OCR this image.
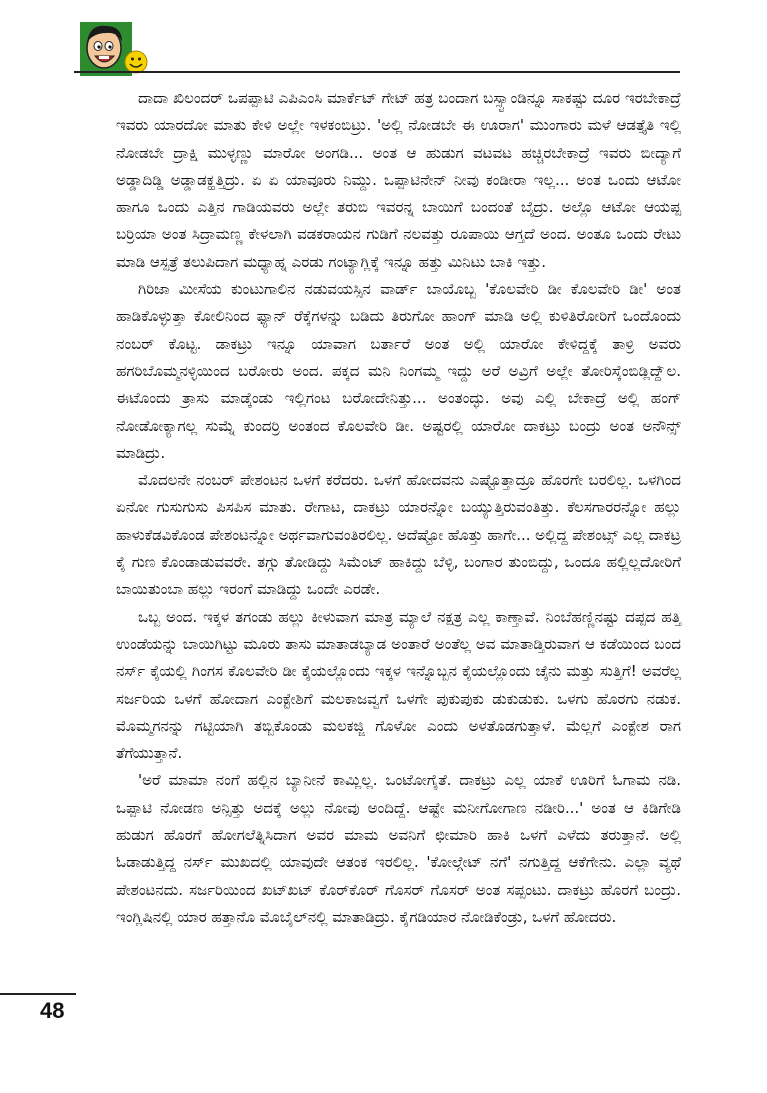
ದಾದಾ ಖಿಲಂದರ್ ಒಪಪ್ಪಾಟಿ ಎಪಿಎಂಸಿ ಮಾರ್ಕೆಟ್ ಗೇಟ್ ಹತ್ರ ಬಂದಾಗ ಬಸ್ಸ್ಟಾಂಡಿನ್ನೂ ಸಾಕಷ್ಟು ದೂರ ಇರಬೇಕಾದ್ರೆ ಇವರು ಯಾರದೋ ಮಾತು ಕೇಳಿ ಅಲ್ಲೇ ಇಳಕಂಬಿಟ್ರು. 'ಅಲ್ಲಿ ನೋಡಬೇ ಈ ಊರಾಗ' ಮುಂಗಾರು ಮಳೆ ಆಡತ್ತೈತಿ ಇಲ್ಲಿ ನೋಡಬೇ ದ್ರಾಕ್ಷಿ ಮುಳ್ಳಣ್ಣು ಮಾರೋ ಅಂಗಡಿ... ಅಂತ ಆ ಹುಡುಗ ವಟವಟ ಹಚ್ಚಿರಬೇಕಾದ್ರೆ ಇವರು ಬೀದ್ಯಾಗೆ ಅಡ್ಡಾದಿಡ್ಡಿ ಅಡ್ಡಾಡಕ್ಹತ್ತಿದ್ರು. ಏ ಏ ಯಾವೂರು ನಿಮ್ದು. ಒಪ್ಪಾಟಿನೇನ್ ನೀವು ಕಂಡೀರಾ ಇಲ್ಲ... ಅಂತ ಒಂದು ಆಟೋ ಹಾಗೂ ಒಂದು ಎತ್ತಿನ ಗಾಡಿಯವರು ಅಲ್ಲೇ ತರುಬಿ ಇವರನ್ನ ಬಾಯಿಗೆ ಬಂದಂತೆ ಬೈದ್ರು. ಅಲ್ಲೊ ಆಟೋ ಆಯಪ್ಪ ಬರ್ರಿಯಾ ಅಂತ ಸಿದ್ರಾಮಣ್ಣ ಕೇಳಲಾಗಿ ವಡಕರಾಯನ ಗುಡಿಗೆ ನಲವತ್ತು ರೂಪಾಯಿ ಆಗ್ತದೆ ಅಂದ. ಅಂತೂ ಒಂದು ರೇಟು ಮಾಡಿ ಆಸ್ಪತ್ರೆ ತಲುಪಿದಾಗ ಮಧ್ಯಾಹ್ನ ಎರಡು ಗಂಟ್ಯಾಗ್ಲಿಕ್ಕೆ ಇನ್ನೂ ಹತ್ತು ಮಿನಿಟು ಬಾಕಿ ಇತ್ತು.

ಗಿರಿಜಾ ಮೀಸೆಯ ಕುಂಟುಗಾಲಿನ ನಡುವಯಸ್ಸಿನ ವಾರ್ಡ್ ಬಾಯೊಬ್ಬ 'ಕೊಲವೇರಿ ಡೀ ಕೊಲವೇರಿ ಡೀ' ಅಂತ ಹಾಡಿಕೊಳ್ಳುತ್ತಾ ಕೋಲಿನಿಂದ ಫ್ಯಾನ್ ರೆಕ್ಕೆಗಳನ್ನು ಬಡಿದು ತಿರುಗೋ ಹಾಂಗ್ ಮಾಡಿ ಅಲ್ಲಿ ಕುಳಿತಿರೋರಿಗೆ ಒಂದೊಂದು ನಂಬರ್ ಕೊಟ್ಟ. ಡಾಕಟ್ರು ಇನ್ನೂ ಯಾವಾಗ ಬರ್ತಾರೆ ಅಂತ ಅಲ್ಲಿ ಯಾರೋ ಕೇಳಿದ್ದಕ್ಕೆ ತಾಳ್ರಿ ಅವರು ಹಗರಿಬೊಮ್ಮನಳ್ಳಿಯಿಂದ ಬರೋರು ಅಂದ. ಪಕ್ಕದ ಮನಿ ನಿಂಗಮ್ಮ ಇದ್ದು ಅರೆ ಅವ್ರಿಗೆ ಅಲ್ಲೇ ತೋರಿಸ್ಕೆಂಬಿಡ್ಲಿದ್ದೆ್ಲ. ಈಟೊಂದು ತ್ರಾಸು ಮಾಡ್ಕೆಂಡು ಇಲ್ಲಿಗಂಟ ಬರೋದೇನಿತ್ತು... ಅಂತಂದ್ಳು. ಅವು ಎಲ್ಲಿ ಬೇಕಾದ್ರೆ ಅಲ್ಲಿ ಹಂಗ್ ನೋಡೋಕ್ಯಾಗಲ್ಲ ಸುಮ್ನೆ ಕುಂದರ್ರಿ ಅಂತಂದ ಕೊಲವೇರಿ ಡೀ. ಅಷ್ಟರಲ್ಲಿ ಯಾರೋ ದಾಕಟ್ರು ಬಂದ್ರು ಅಂತ ಅನೌನ್ಸ್ ಮಾಡಿದ್ರು.

ಮೊದಲನೇ ನಂಬರ್ ಪೇಶಂಟನ ಒಳಗೆ ಕರೆದರು. ಒಳಗೆ ಹೋದವನು ಎಷ್ಟೊತ್ತಾದ್ರೂ ಹೊರಗೇ ಬರಲಿಲ್ಲ. ಒಳಗಿಂದ ಏನೋ ಗುಸುಗುಸು ಪಿಸಪಿಸ ಮಾತು. ರೇಗಾಟ, ದಾಕಟ್ರು ಯಾರನ್ನೋ ಬಯ್ಯುತ್ತಿರುವಂತಿತ್ತು. ಕೆಲಸಗಾರರನ್ನೋ ಹಲ್ಲು ಹಾಳುಕೆಡವಿಕೊಂಡ ಪೇಶಂಟನ್ನೋ ಅರ್ಥವಾಗುವಂತಿರಲಿಲ್ಲ. ಅದೆಷ್ಟೋ ಹೊತ್ತು ಹಾಗೇ... ಅಲ್ಲಿದ್ದ ಪೇಶಂಟ್ಸ್ ಎಲ್ಲ ದಾಕಟ್ರ ಕೈ ಗುಣ ಕೊಂಡಾಡುವವರೇ. ತಗ್ಗು ತೋಡಿದ್ದು ಸಿಮೆಂಟ್ ಹಾಕಿದ್ದು ಬೆಳ್ಳಿ, ಬಂಗಾರ ತುಂಬಿದ್ದು, ಒಂದೂ ಹಲ್ಲಿಲ್ಲದೋರಿಗೆ ಬಾಯಿತುಂಬಾ ಹಲ್ಲು ಇರಂಗೆ ಮಾಡಿದ್ದು ಒಂದೇ ಎರಡೇ.

ಒಬ್ಬ ಅಂದ. ಇಕ್ಕಳ ತಗಂಡು ಹಲ್ಲು ಕೀಳುವಾಗ ಮಾತ್ರ ಮ್ಯಾಲೆ ನಕ್ಷತ್ರ ಎಲ್ಲ ಕಾಣ್ತಾವೆ. ನಿಂಬೆಹಣ್ಣಿನಷ್ಟು ದಪ್ಪದ ಹತ್ತಿ ಉಂಡೆಯನ್ನು ಬಾಯಿಗಿಟ್ಟು ಮೂರು ತಾಸು ಮಾತಾಡಬ್ಯಾಡ ಅಂತಾರೆ ಅಂತೆಲ್ಲ ಅವ ಮಾತಾಡ್ತಿರುವಾಗ ಆ ಕಡೆಯಿಂದ ಬಂದ ನರ್ಸ್ ಕೈಯಲ್ಲಿ ಗಿಂಗಸ ಕೊಲವೇರಿ ಡೀ ಕೈಯಲ್ಲೊಂದು ಇಕ್ಕಳ ಇನ್ನೊಬ್ಬನ ಕೈಯಲ್ಲೊಂದು ಚೈನು ಮತ್ತು ಸುತ್ತಿಗೆ! ಅವರೆಲ್ಲ ಸರ್ಜರಿಯ ಒಳಗೆ ಹೋದಾಗ ಎಂಕ್ಟೇಶಿಗೆ ಮಲಕಾಜವ್ವಗೆ ಒಳಗೇ ಪುಕುಪುಕು ಡುಕುಡುಕು. ಒಳಗು ಹೊರಗು ನಡುಕ. ಮೊಮ್ಮಗನನ್ನು ಗಟ್ಟಿಯಾಗಿ ತಬ್ಬಿಕೊಂಡು ಮಲಕಜ್ಜಿ ಗೊಳೋ ಎಂದು ಅಳತೊಡಗುತ್ತಾಳೆ. ಮೆಲ್ಲಗೆ ಎಂಕ್ಟೇಶ ರಾಗ ತೆಗೆಯುತ್ತಾನೆ.

'ಅರೆ ಮಾಮಾ ನಂಗೆ ಹಲ್ಲಿನ ಬ್ಯಾನೀನೆ ಕಾಮ್ಲಿಲ್ಲ. ಒಂಟೋಗೈತೆ. ದಾಕಟ್ರು ಎಲ್ಲ ಯಾಕೆ ಊರಿಗೆ ಓಗಾಮ ನಡಿ. ಒಪ್ಪಾಟಿ ನೋಡಣ ಅನ್ಸಿತ್ತು ಅದಕ್ಕೆ ಅಲ್ಲು ನೋವು ಅಂದಿದ್ದೆ. ಆಷ್ಟೇ ಮನೀಗೋಗಾಣ ನಡೀರಿ...' ಅಂತ ಆ ಕಿಡಿಗೇಡಿ ಹುಡುಗ ಹೊರಗೆ ಹೋಗಲೆತ್ನಿಸಿದಾಗ ಅವರ ಮಾಮ ಅವನಿಗೆ ಛೀಮಾರಿ ಹಾಕಿ ಒಳಗೆ ಎಳೆದು ತರುತ್ತಾನೆ. ಅಲ್ಲಿ ಓಡಾಡುತ್ತಿದ್ದ ನರ್ಸ್ ಮುಖದಲ್ಲಿ ಯಾವುದೇ ಆತಂಕ ಇರಲಿಲ್ಲ. 'ಕೋಲ್ಗೇಟ್ ನಗೆ' ನಗುತ್ತಿದ್ದ ಆಕೆಗೇನು. ಎಲ್ಲಾ ವ್ಯಥೆ ಪೇಶಂಟನದು. ಸರ್ಜರಿಯಿಂದ ಖಟ್‌ಖಟ್ ಕೊರ್‌ಕೊರ್ ಗೊಸರ್ ಗೊಸರ್ ಅಂತ ಸಪ್ಪಂಟು. ದಾಕಟ್ರು ಹೊರಗೆ ಬಂದ್ರು. ಇಂಗ್ಲಿಷಿನಲ್ಲಿ ಯಾರ ಹತ್ತಾನೊ ಮೊಬೈಲ್‌ನಲ್ಲಿ ಮಾತಾಡಿದ್ರು. ಕೈಗಡಿಯಾರ ನೋಡಿಕೆಂಡ್ರು, ಒಳಗೆ ಹೋದರು.

48
